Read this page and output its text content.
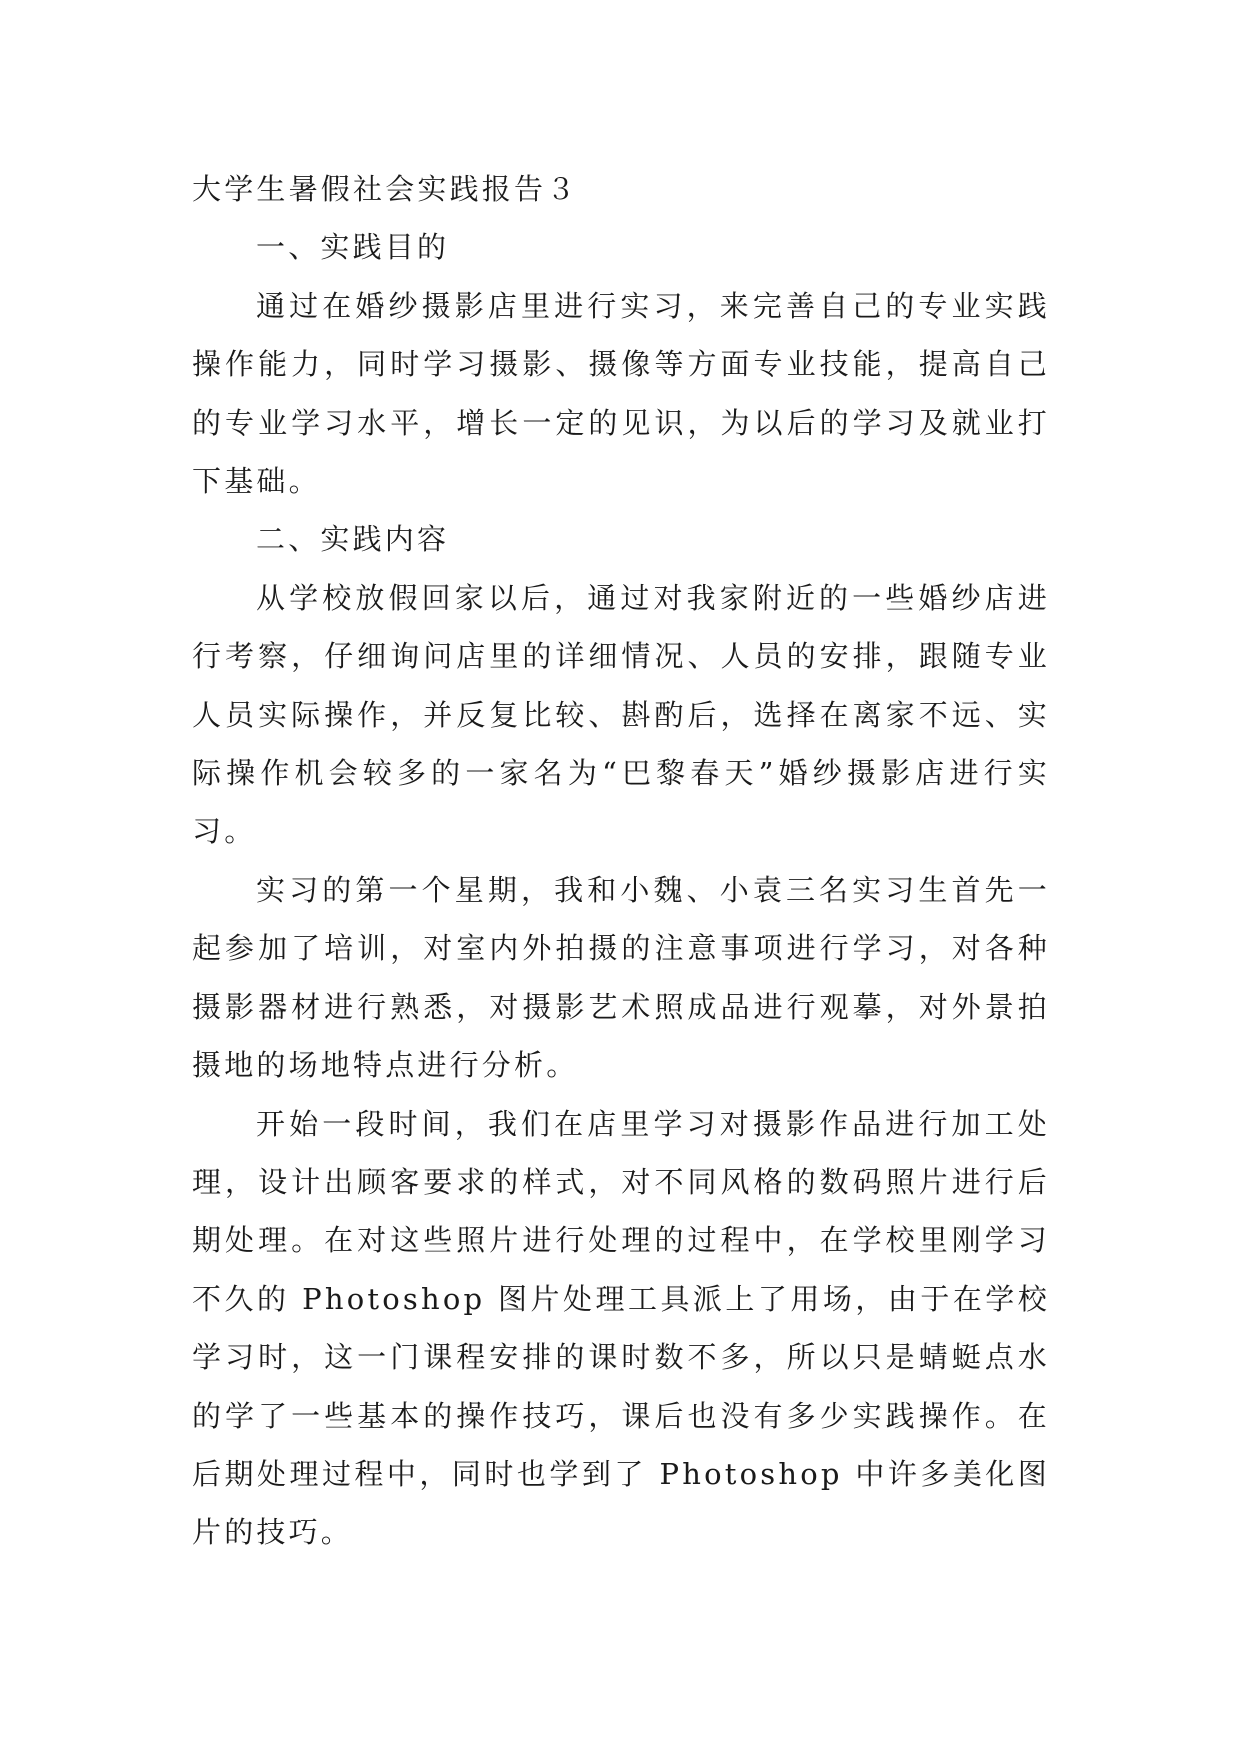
大学生暑假社会实践报告３
一、实践目的

通过在婚纱摄影店里进行实习，来完善自己的专业实践操作能力，同时学习摄影、摄像等方面专业技能，提高自己的专业学习水平，增长一定的见识，为以后的学习及就业打下基础。

二、实践内容

从学校放假回家以后，通过对我家附近的一些婚纱店进行考察，仔细询问店里的详细情况、人员的安排，跟随专业人员实际操作，并反复比较、斟酌后，选择在离家不远、实际操作机会较多的一家名为“巴黎春天”婚纱摄影店进行实习。

实习的第一个星期，我和小魏、小袁三名实习生首先一起参加了培训，对室内外拍摄的注意事项进行学习，对各种摄影器材进行熟悉，对摄影艺术照成品进行观摹，对外景拍摄地的场地特点进行分析。

开始一段时间，我们在店里学习对摄影作品进行加工处理，设计出顾客要求的样式，对不同风格的数码照片进行后期处理。在对这些照片进行处理的过程中，在学校里刚学习不久的 Photoshop 图片处理工具派上了用场，由于在学校学习时，这一门课程安排的课时数不多，所以只是蜻蜓点水的学了一些基本的操作技巧，课后也没有多少实践操作。在后期处理过程中，同时也学到了 Photoshop 中许多美化图片的技巧。
